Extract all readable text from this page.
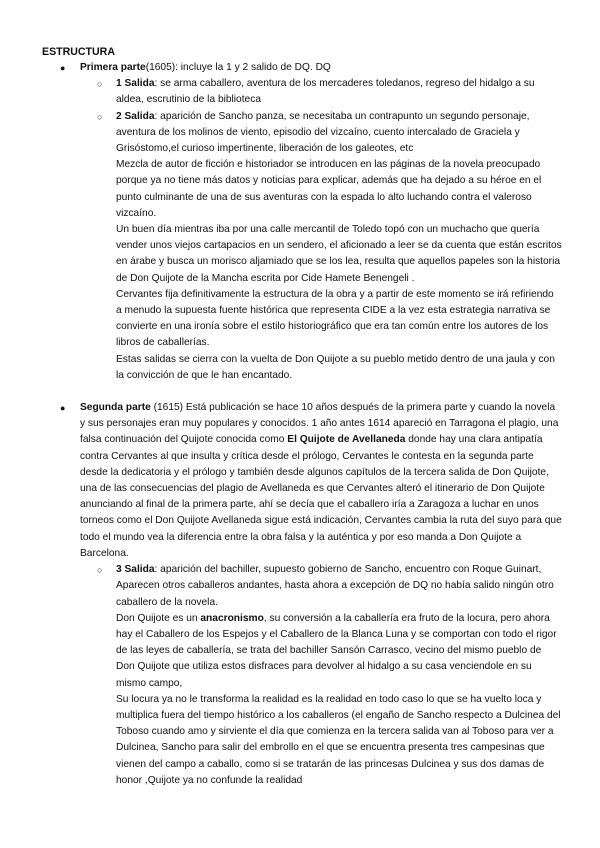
ESTRUCTURA
● Primera parte(1605): incluye la 1 y 2 salido de DQ. DQ
○ 1 Salida: se arma caballero, aventura de los mercaderes toledanos, regreso del hidalgo a su aldea, escrutinio de la biblioteca
○ 2 Salida: aparición de Sancho panza, se necesitaba un contrapunto un segundo personaje, aventura de los molinos de viento, episodio del vizcaíno, cuento intercalado de Graciela y Grisóstomo,el curioso impertinente, liberación de los galeotes, etc

Mezcla de autor de ficción e historiador se introducen en las páginas de la novela preocupado porque ya no tiene más datos y noticias para explicar, además que ha dejado a su héroe en el punto culminante de una de sus aventuras con la espada lo alto luchando contra el valeroso vizcaíno.

Un buen día mientras iba por una calle mercantil de Toledo topó con un muchacho que quería vender unos viejos cartapacios en un sendero, el aficionado a leer se da cuenta que están escritos en árabe y busca un morisco aljamiado que se los lea, resulta que aquellos papeles son la historia de Don Quijote de la Mancha escrita por Cide Hamete Benengeli .

Cervantes fija definitivamente la estructura de la obra y a partir de este momento se irá refiriendo a menudo la supuesta fuente histórica que representa CIDE a la vez esta estrategia narrativa se convierte en una ironía sobre el estilo historiográfico que era tan común entre los autores de los libros de caballerías.

Estas salidas se cierra con la vuelta de Don Quijote a su pueblo metido dentro de una jaula y con la convicción de que le han encantado.

● Segunda parte (1615) Está publicación se hace 10 años después de la primera parte y cuando la novela y sus personajes eran muy populares y conocidos. 1 año antes 1614 apareció en Tarragona el plagio, una falsa continuación del Quijote conocida como El Quijote de Avellaneda donde hay una clara antipatía contra Cervantes al que insulta y crítica desde el prólogo, Cervantes le contesta en la segunda parte desde la dedicatoria y el prólogo y también desde algunos capítulos de la tercera salida de Don Quijote, una de las consecuencias del plagio de Avellaneda es que Cervantes alteró el itinerario de Don Quijote anunciando al final de la primera parte, ahí se decía que el caballero iría a Zaragoza a luchar en unos torneos como el Don Quijote Avellaneda sigue está indicación, Cervantes cambia la ruta del suyo para que todo el mundo vea la diferencia entre la obra falsa y la auténtica y por eso manda a Don Quijote a Barcelona.
○ 3 Salida: aparición del bachiller, supuesto gobierno de Sancho, encuentro con Roque Guinart, Aparecen otros caballeros andantes, hasta ahora a excepción de DQ no había salido ningún otro caballero de la novela.

Don Quijote es un anacronismo, su conversión a la caballería era fruto de la locura, pero ahora hay el Caballero de los Espejos y el Caballero de la Blanca Luna y se comportan con todo el rigor de las leyes de caballería, se trata del bachiller Sansón Carrasco, vecino del mismo pueblo de Don Quijote que utiliza estos disfraces para devolver al hidalgo a su casa venciendole en su mismo campo,

Su locura ya no le transforma la realidad es la realidad en todo caso lo que se ha vuelto loca y multiplica fuera del tiempo histórico a los caballeros (el engaño de Sancho respecto a Dulcinea del Toboso cuando amo y sirviente el día que comienza en la tercera salida van al Toboso para ver a Dulcinea, Sancho para salir del embrollo en el que se encuentra presenta tres campesinas que vienen del campo a caballo, como si se tratarán de las princesas Dulcinea y sus dos damas de honor ,Quijote ya no confunde la realidad
